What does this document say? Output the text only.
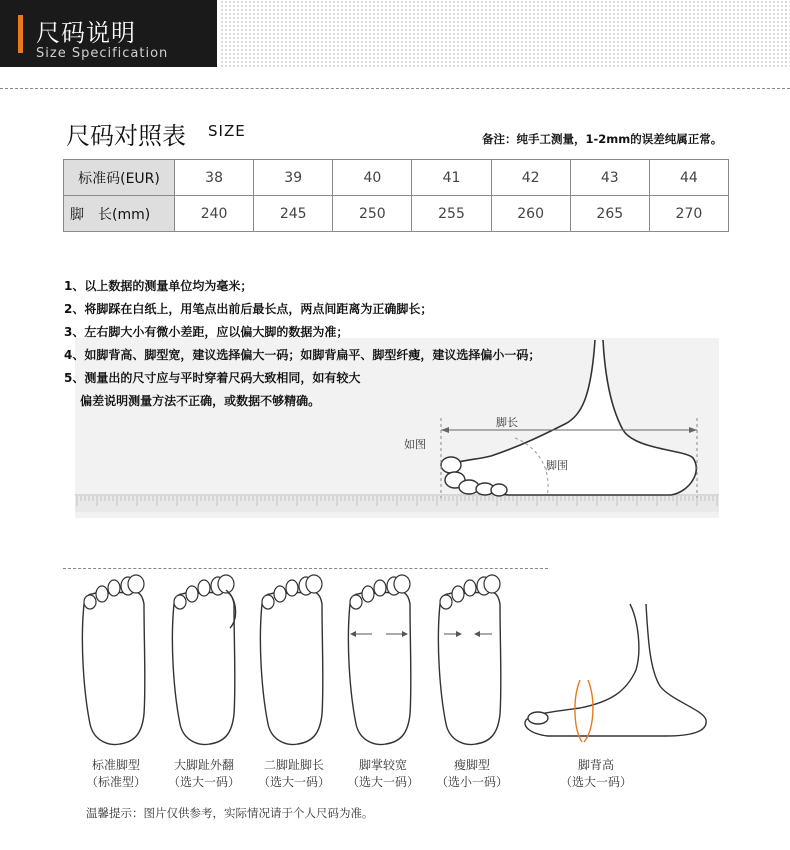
尺码说明
Size Specification
尺码对照表 SIZE	备注：纯手工测量，1-2mm的误差纯属正常。
标准码(EUR)	38	39	40	41	42	43	44
脚　长(mm)	240	245	250	255	260	265	270
脚长
如图
脚围
1、以上数据的测量单位均为毫米；
2、将脚踩在白纸上，用笔点出前后最长点，两点间距离为正确脚长；
3、左右脚大小有微小差距，应以偏大脚的数据为准；
4、如脚背高、脚型宽，建议选择偏大一码；如脚背扁平、脚型纤瘦，建议选择偏小一码；
5、测量出的尺寸应与平时穿着尺码大致相同，如有较大
　 偏差说明测量方法不正确，或数据不够精确。
标准脚型
（标准型）
大脚趾外翻
（选大一码）
二脚趾脚长
（选大一码）
脚掌较宽
（选大一码）
瘦脚型
（选小一码）
脚背高
（选大一码）
温馨提示：图片仅供参考，实际情况请于个人尺码为准。
